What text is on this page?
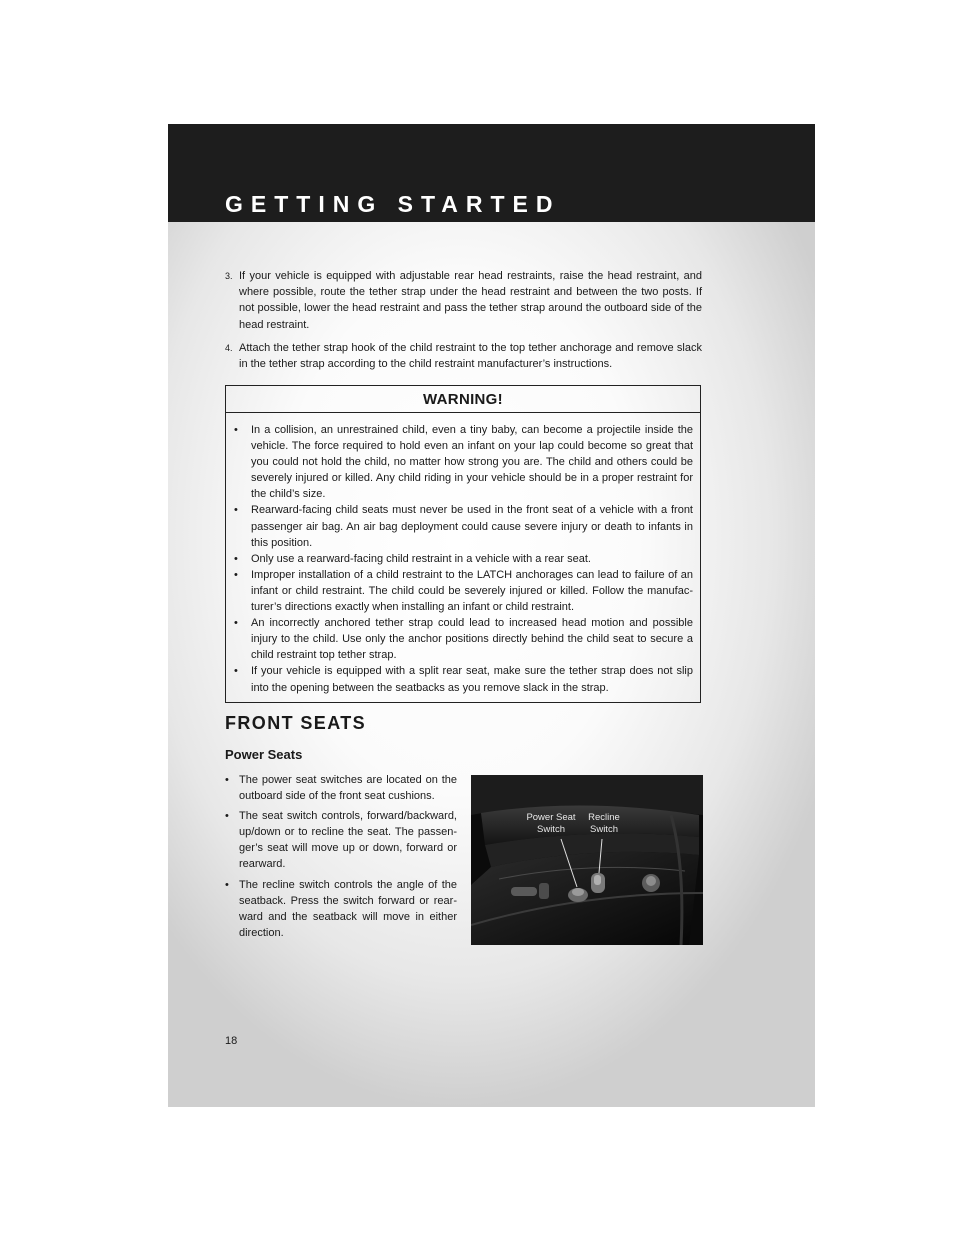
GETTING STARTED
3. If your vehicle is equipped with adjustable rear head restraints, raise the head restraint, and where possible, route the tether strap under the head restraint and between the two posts. If not possible, lower the head restraint and pass the tether strap around the outboard side of the head restraint.
4. Attach the tether strap hook of the child restraint to the top tether anchorage and remove slack in the tether strap according to the child restraint manufacturer’s instructions.
WARNING!
•	In a collision, an unrestrained child, even a tiny baby, can become a projectile inside the vehicle. The force required to hold even an infant on your lap could become so great that you could not hold the child, no matter how strong you are. The child and others could be severely injured or killed. Any child riding in your vehicle should be in a proper restraint for the child’s size.
•	Rearward-facing child seats must never be used in the front seat of a vehicle with a front passenger air bag. An air bag deployment could cause severe injury or death to infants in this position.
•	Only use a rearward-facing child restraint in a vehicle with a rear seat.
•	Improper installation of a child restraint to the LATCH anchorages can lead to failure of an infant or child restraint. The child could be severely injured or killed. Follow the manufacturer’s directions exactly when installing an infant or child restraint.
•	An incorrectly anchored tether strap could lead to increased head motion and possible injury to the child. Use only the anchor positions directly behind the child seat to secure a child restraint top tether strap.
•	If your vehicle is equipped with a split rear seat, make sure the tether strap does not slip into the opening between the seatbacks as you remove slack in the strap.
FRONT SEATS
Power Seats
• The power seat switches are located on the outboard side of the front seat cushions.
• The seat switch controls, forward/backward, up/down or to recline the seat. The passenger’s seat will move up or down, forward or rearward.
• The recline switch controls the angle of the seatback. Press the switch forward or rearward and the seatback will move in either direction.
Power Seat
Switch
Recline
Switch
18
